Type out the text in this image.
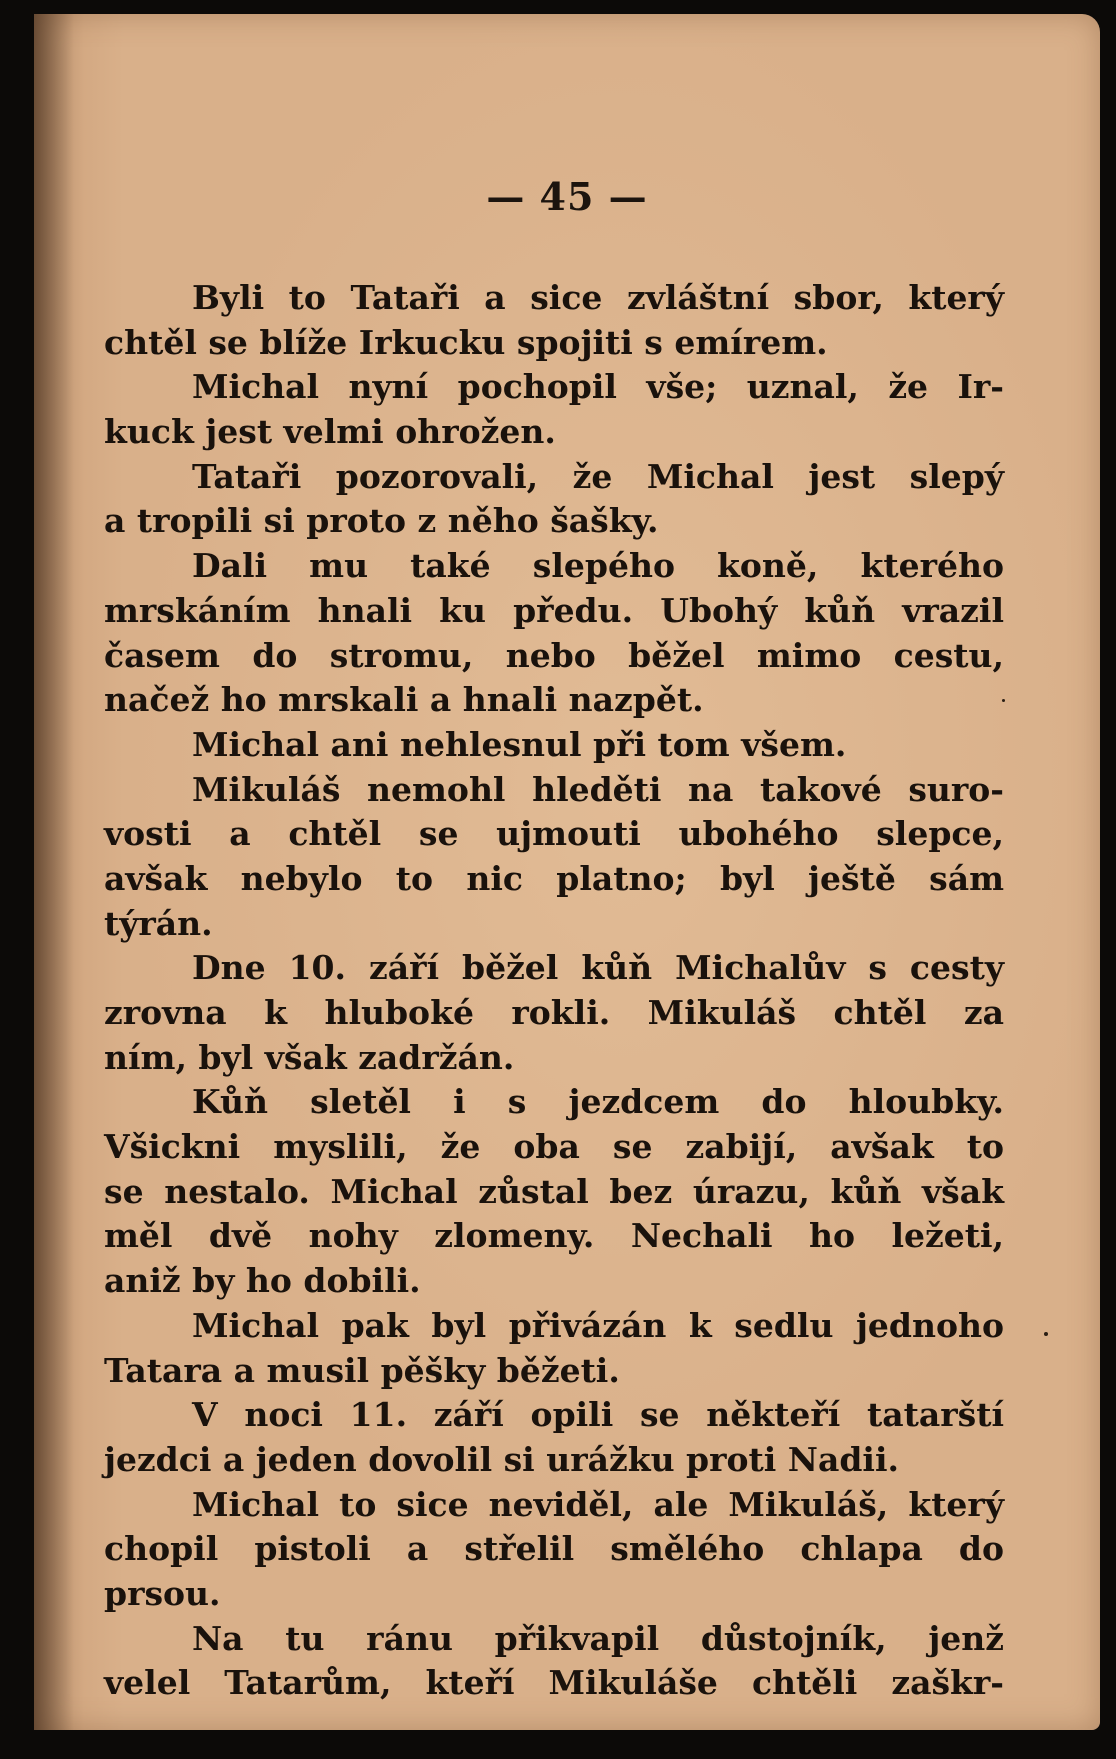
— 45 —
Byli to Tataři a sice zvláštní sbor, který
chtěl se blíže Irkucku spojiti s emírem.
Michal nyní pochopil vše; uznal, že Ir-
kuck jest velmi ohrožen.
Tataři pozorovali, že Michal jest slepý
a tropili si proto z něho šašky.
Dali mu také slepého koně, kterého
mrskáním hnali ku předu. Ubohý kůň vrazil
časem do stromu, nebo běžel mimo cestu,
načež ho mrskali a hnali nazpět.
Michal ani nehlesnul při tom všem.
Mikuláš nemohl hleděti na takové suro-
vosti a chtěl se ujmouti ubohého slepce,
avšak nebylo to nic platno; byl ještě sám
týrán.
Dne 10. září běžel kůň Michalův s cesty
zrovna k hluboké rokli. Mikuláš chtěl za
ním, byl však zadržán.
Kůň sletěl i s jezdcem do hloubky.
Všickni myslili, že oba se zabijí, avšak to
se nestalo. Michal zůstal bez úrazu, kůň však
měl dvě nohy zlomeny. Nechali ho ležeti,
aniž by ho dobili.
Michal pak byl přivázán k sedlu jednoho
Tatara a musil pěšky běžeti.
V noci 11. září opili se někteří tatarští
jezdci a jeden dovolil si urážku proti Nadii.
Michal to sice neviděl, ale Mikuláš, který
chopil pistoli a střelil smělého chlapa do
prsou.
Na tu ránu přikvapil důstojník, jenž
velel Tatarům, kteří Mikuláše chtěli zaškr-
